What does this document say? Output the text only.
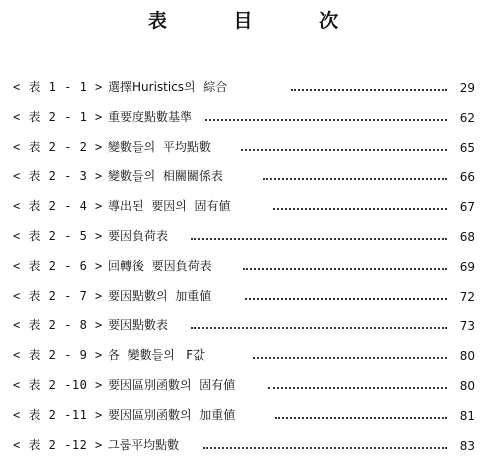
表 目 次
< 表 1 - 1 > 選擇Huristics의  綜合	29
< 表 2 - 1 > 重要度點數基準	62
< 表 2 - 2 > 變數들의  平均點數	65
< 表 2 - 3 > 變數들의  相關關係表	66
< 表 2 - 4 > 導出된  要因의  固有値	67
< 表 2 - 5 > 要因負荷表	68
< 表 2 - 6 > 回轉後  要因負荷表	69
< 表 2 - 7 > 要因點數의  加重値	72
< 表 2 - 8 > 要因點數表	73
< 表 2 - 9 > 各  變數들의   F값	80
< 表 2 -10 > 要因區別函數의  固有値	80
< 表 2 -11 > 要因區別函數의  加重値	81
< 表 2 -12 > 그룹平均點數	83
